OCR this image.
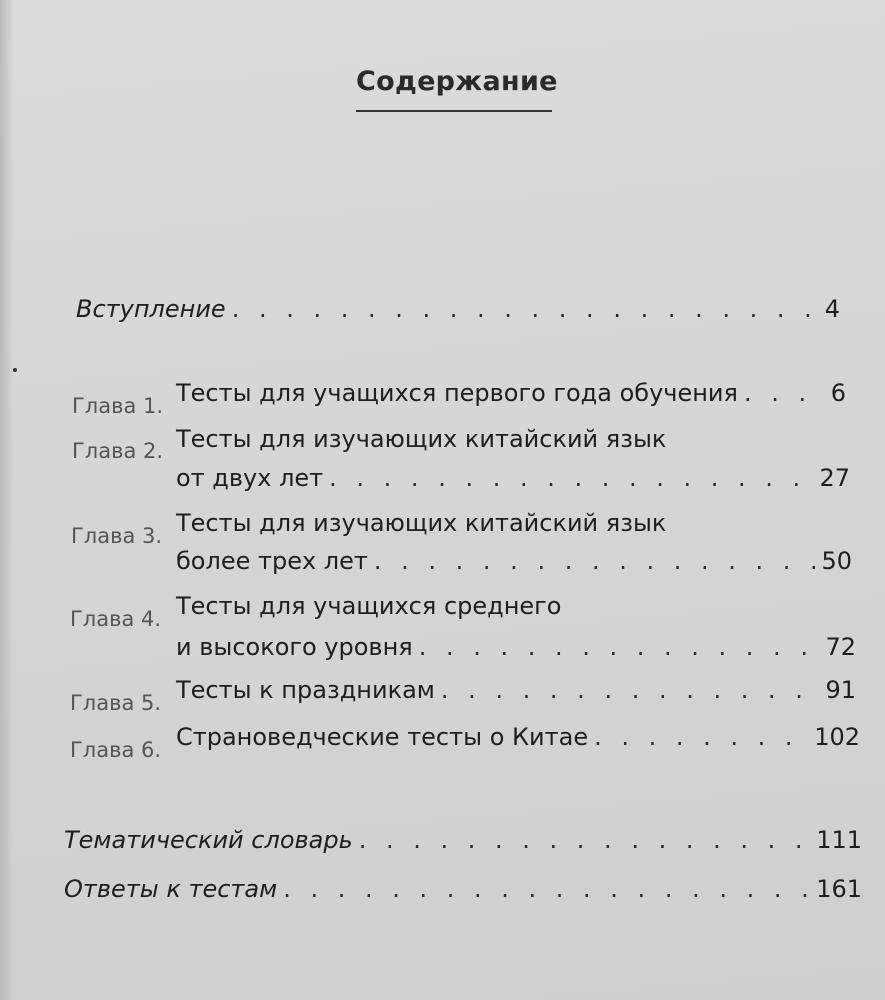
Содержание
Вступление . . .	4
Глава 1. Тесты для учащихся первого года обучения . . .	6
Глава 2. Тесты для изучающих китайский язык
от двух лет . . .	27
Глава 3. Тесты для изучающих китайский язык
более трех лет . . .	50
Глава 4. Тесты для учащихся среднего
и высокого уровня . . .	72
Глава 5. Тесты к праздникам . . .	91
Глава 6. Страноведческие тесты о Китае . . .	102
Тематический словарь . . .	111
Ответы к тестам . . .	161
